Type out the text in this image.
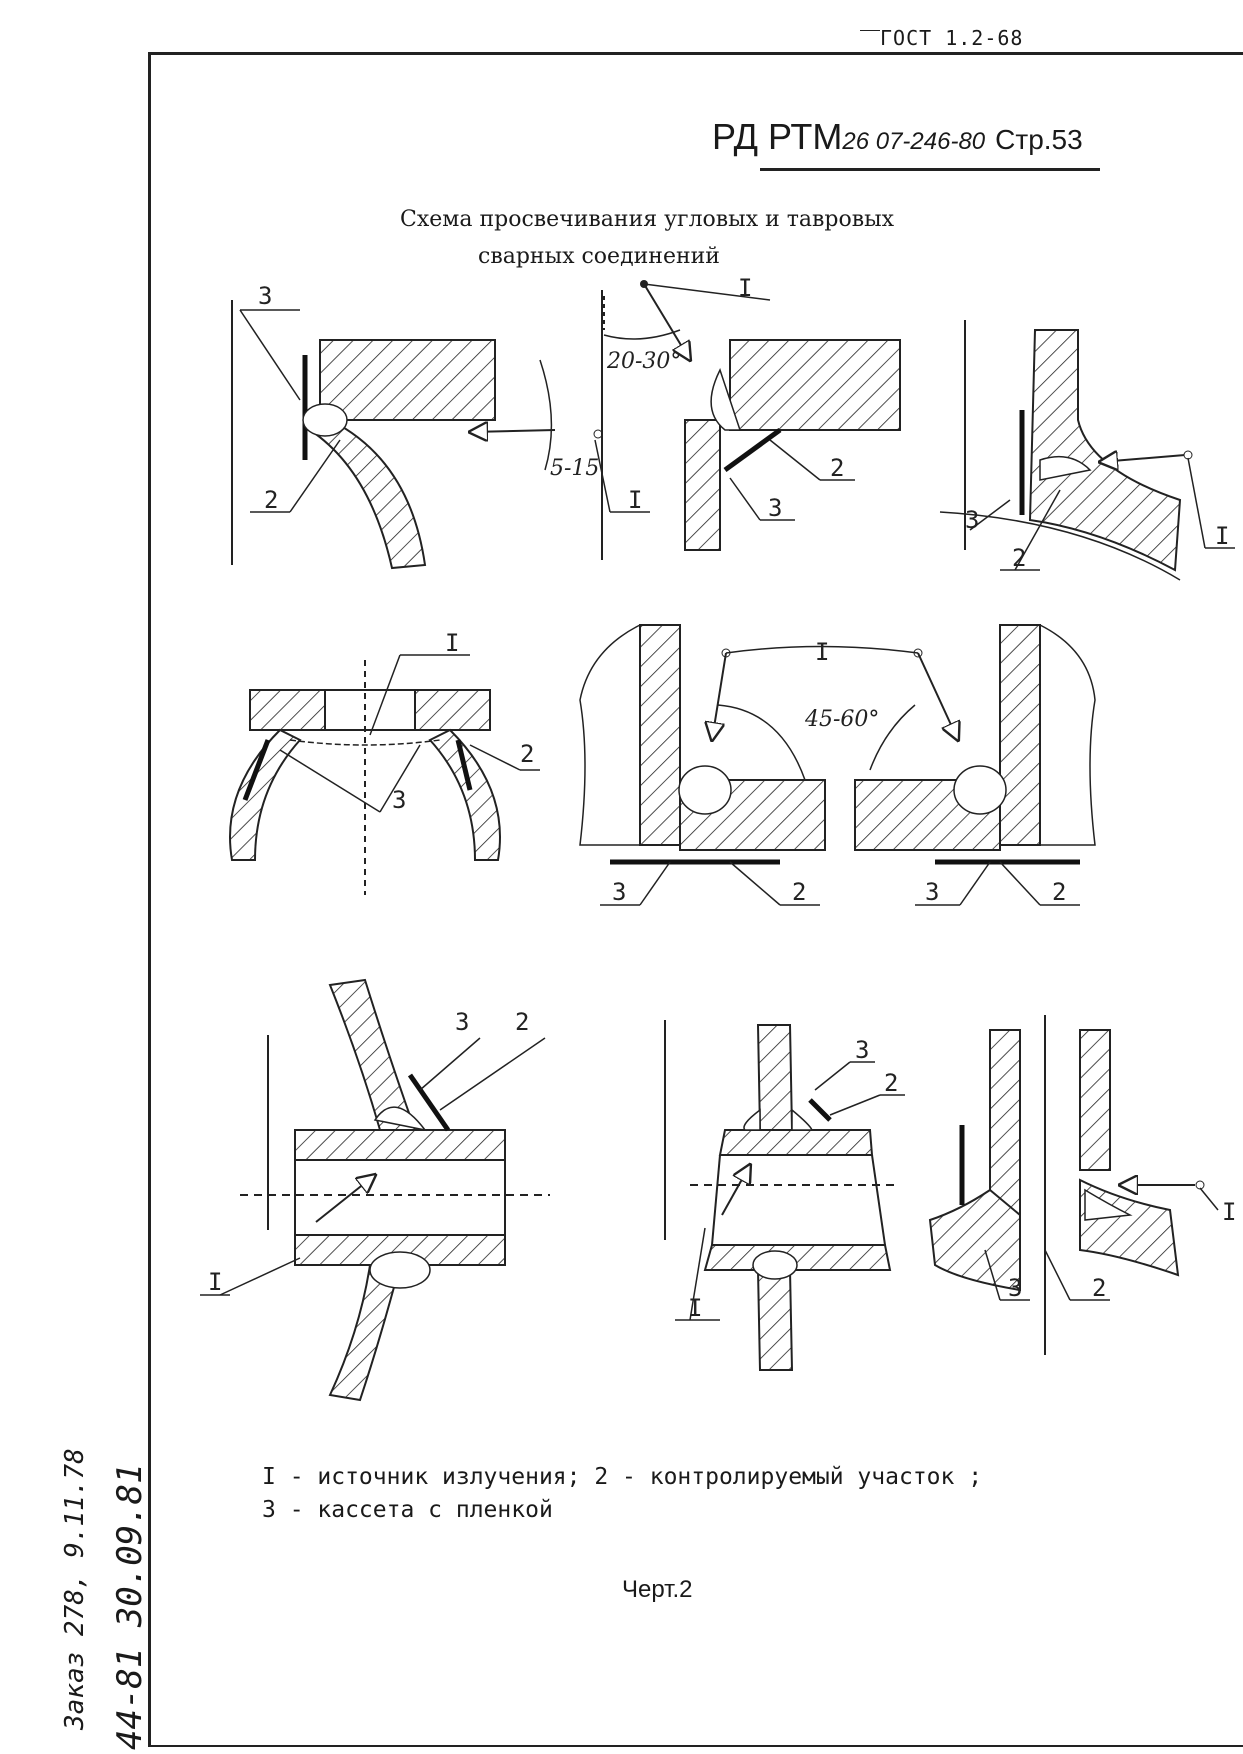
ГОСТ 1.2-68
РД РТМ26 07-246-80 Стр.53
Схема просвечивания угловых и тавровых
сварных соединений
5-15
I
3
2
I
20-30°
3
2
I
3
2
I
2
3
I
45-60°
3	2	3	2
I
3 2
I
3
2
I
3	2
I - источник излучения; 2 - контролируемый участок ;
3 - кассета с пленкой
Черт.2
Заказ 278, 9.11.78 44-81 30.09.81
